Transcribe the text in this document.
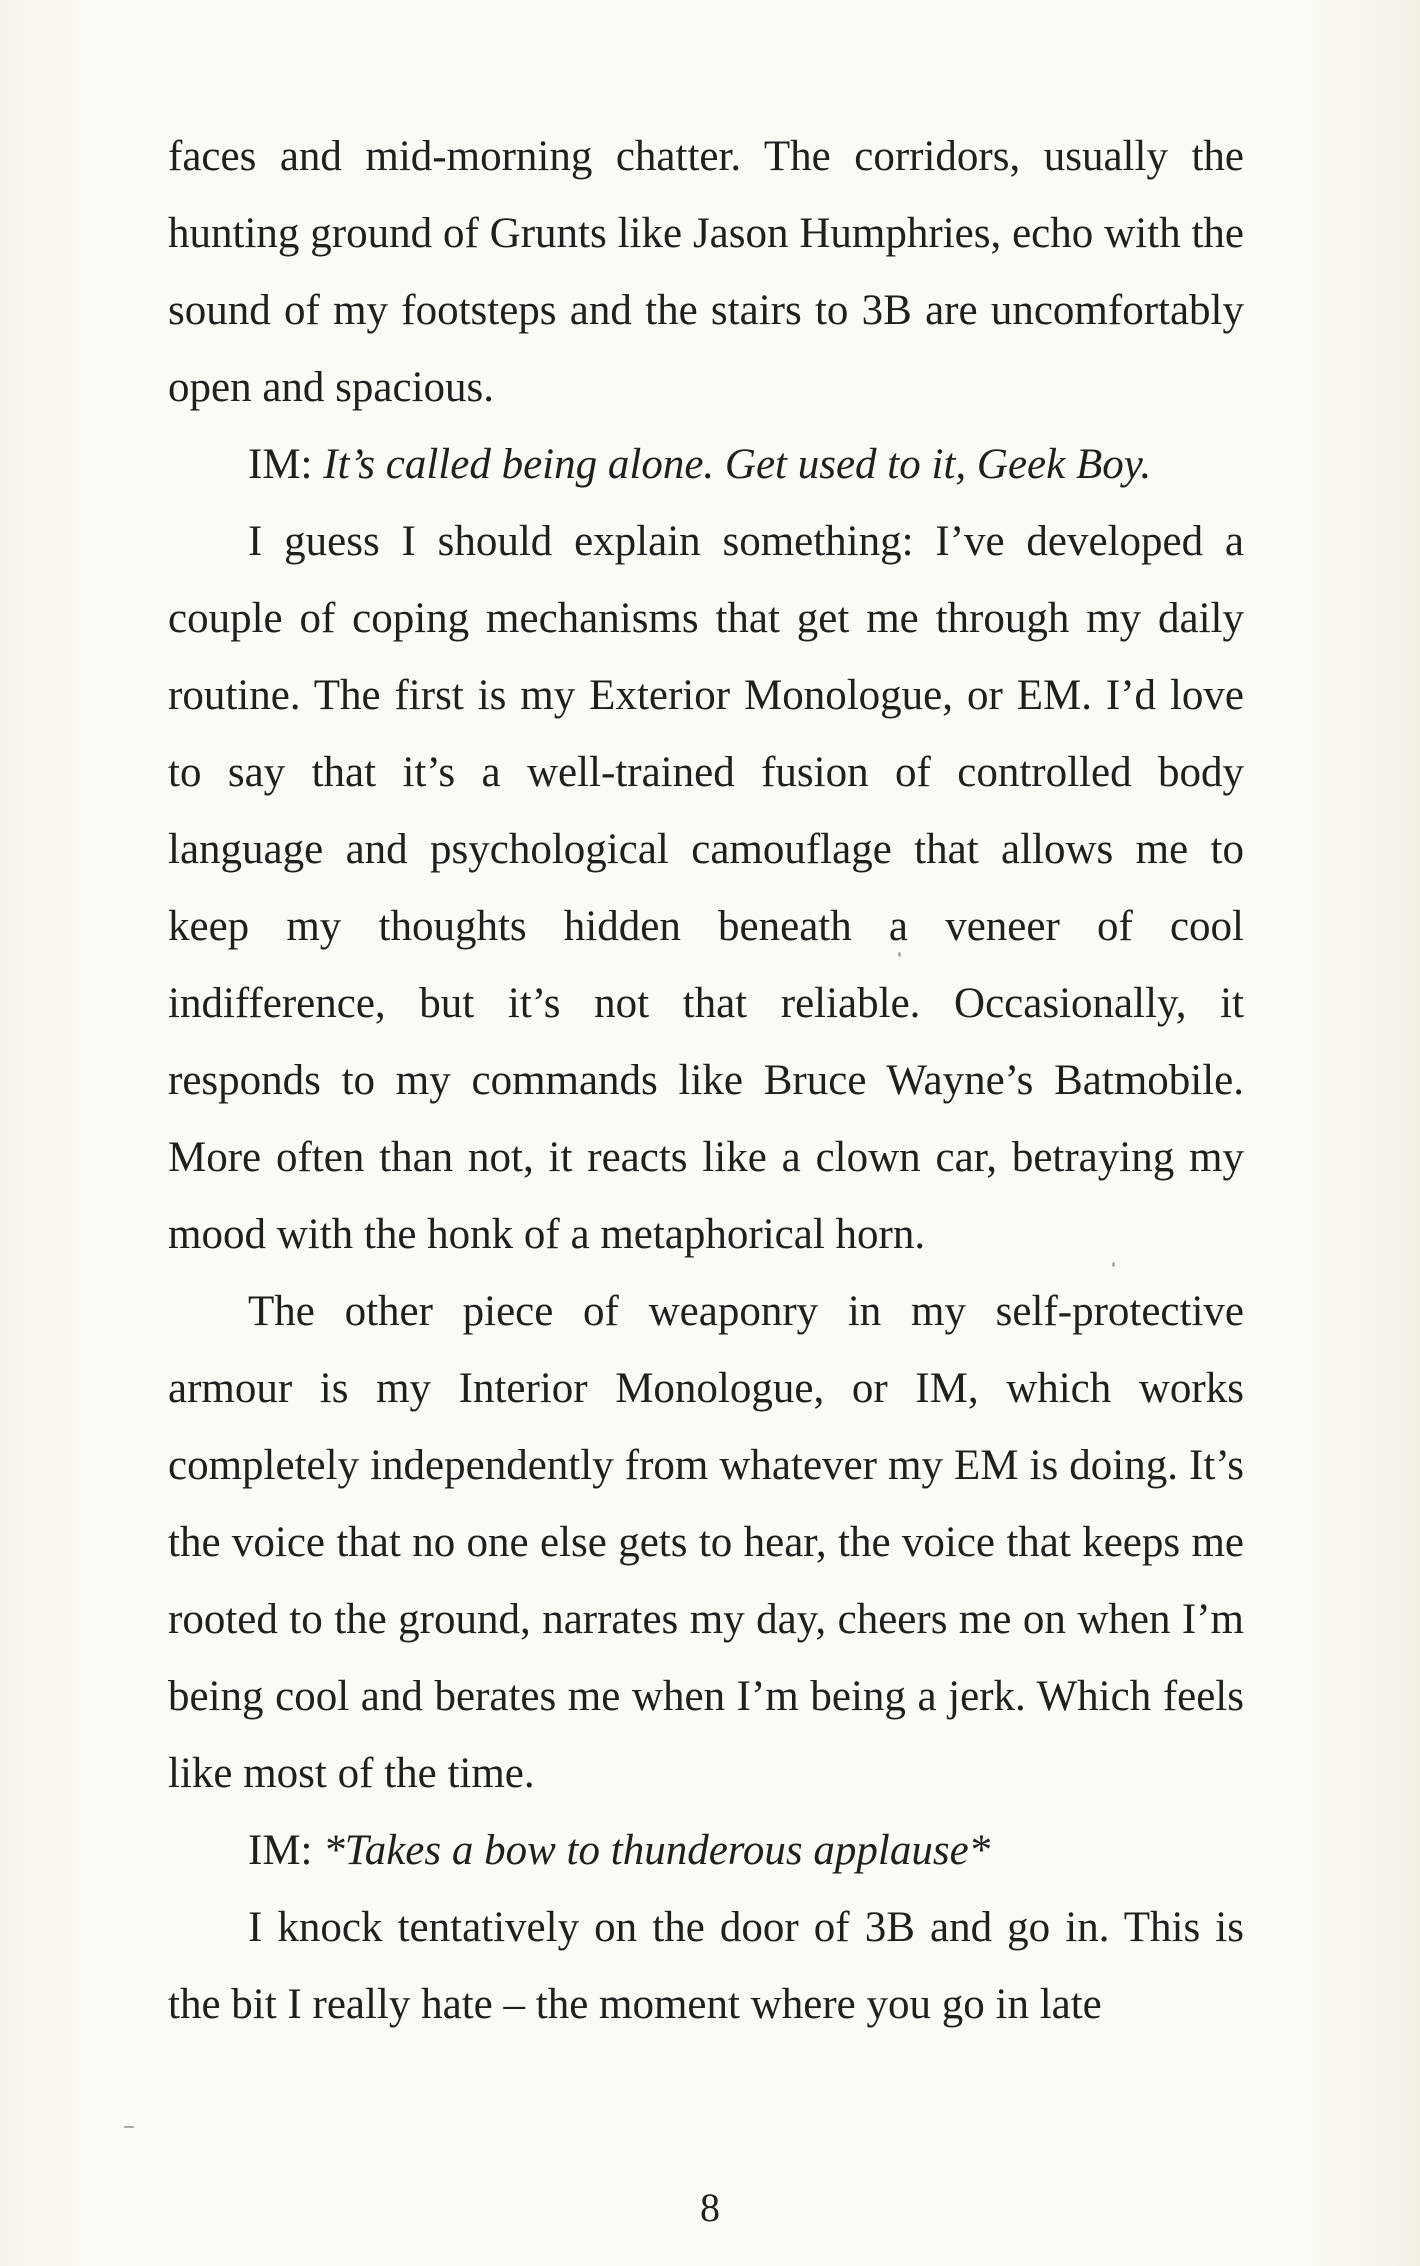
faces and mid-morning chatter. The corridors, usually the hunting ground of Grunts like Jason Humphries, echo with the sound of my footsteps and the stairs to 3B are uncomfortably open and spacious.

IM: It’s called being alone. Get used to it, Geek Boy.

I guess I should explain something: I’ve developed a couple of coping mechanisms that get me through my daily routine. The first is my Exterior Monologue, or EM. I’d love to say that it’s a well-trained fusion of controlled body language and psychological camouflage that allows me to keep my thoughts hidden beneath a veneer of cool indifference, but it’s not that reliable. Occasionally, it responds to my commands like Bruce Wayne’s Batmobile. More often than not, it reacts like a clown car, betraying my mood with the honk of a metaphorical horn.

The other piece of weaponry in my self-protective armour is my Interior Monologue, or IM, which works completely independently from whatever my EM is doing. It’s the voice that no one else gets to hear, the voice that keeps me rooted to the ground, narrates my day, cheers me on when I’m being cool and berates me when I’m being a jerk. Which feels like most of the time.

IM: *Takes a bow to thunderous applause*

I knock tentatively on the door of 3B and go in. This is the bit I really hate – the moment where you go in late

8
